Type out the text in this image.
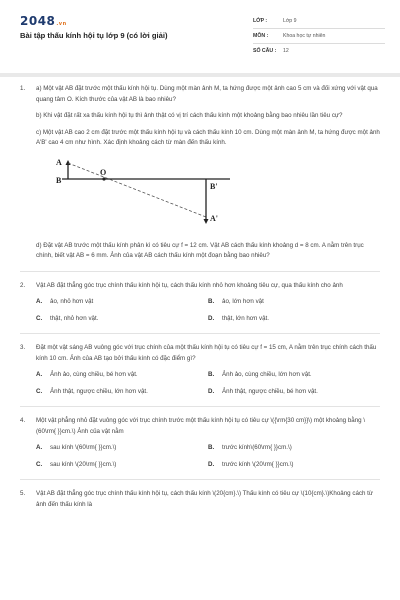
2048.vn
Bài tập thấu kính hội tụ lớp 9 (có lời giải)
LỚP :	Lớp 9
MÔN :	Khoa học tự nhiên
SỐ CÂU :	12
1. a) Một vật AB đặt trước một thấu kính hội tụ. Dùng một màn ảnh M, ta hứng được một ảnh cao 5 cm và đối xứng với vật qua quang tâm O. Kích thước của vật AB là bao nhiêu?

b) Khi vật đặt rất xa thấu kính hội tụ thì ảnh thật có vị trí cách thấu kính một khoảng bằng bao nhiêu lần tiêu cự?

c) Một vật AB cao 2 cm đặt trước một thấu kính hội tụ và cách thấu kính 10 cm. Dùng một màn ảnh M, ta hứng được một ảnh A'B' cao 4 cm như hình. Xác định khoảng cách từ màn đến thấu kính.

A
B
O
B'
A'

d) Đặt vật AB trước một thấu kính phân kì có tiêu cự f = 12 cm. Vật AB cách thấu kính khoảng d = 8 cm. A nằm trên trục chính, biết vật AB = 6 mm. Ảnh của vật AB cách thấu kính một đoạn bằng bao nhiêu?

2. Vật AB đặt thẳng góc trục chính thấu kính hội tụ, cách thấu kính nhỏ hơn khoảng tiêu cự, qua thấu kính cho ảnh

A.	ảo, nhỏ hơn vật	B.	ảo, lớn hơn vật
C.	thật, nhỏ hơn vật.	D.	thật, lớn hơn vật.
3. Đặt một vật sáng AB vuông góc với trục chính của một thấu kính hội tụ có tiêu cự f = 15 cm, A nằm trên trục chính cách thấu kính 10 cm. Ảnh của AB tạo bởi thấu kính có đặc điểm gì?

A.	Ảnh ảo, cùng chiều, bé hơn vật.	B.	Ảnh ảo, cùng chiều, lớn hơn vật.
C.	Ảnh thật, ngược chiều, lớn hơn vật.	D.	Ảnh thật, ngược chiều, bé hơn vật.
4. Một vật phẳng nhỏ đặt vuông góc với trục chính trước một thấu kính hội tụ có tiêu cự \({\rm{30 cm}}\) một khoảng bằng \(60\rm{ }}cm.\) Ảnh của vật nằm

A.	sau kính \(60\rm{ }}cm.\)	B.	trước kính\(60\rm{ }}cm.\)
C.	sau kính \(20\rm{ }}cm.\)	D.	trước kính \(20\rm{ }}cm.\)
5. Vật AB đặt thẳng góc trục chính thấu kính hội tụ, cách thấu kính \(20{cm}.\) Thấu kính có tiêu cự \(10{cm}.\)Khoảng cách từ ảnh đến thấu kính là
